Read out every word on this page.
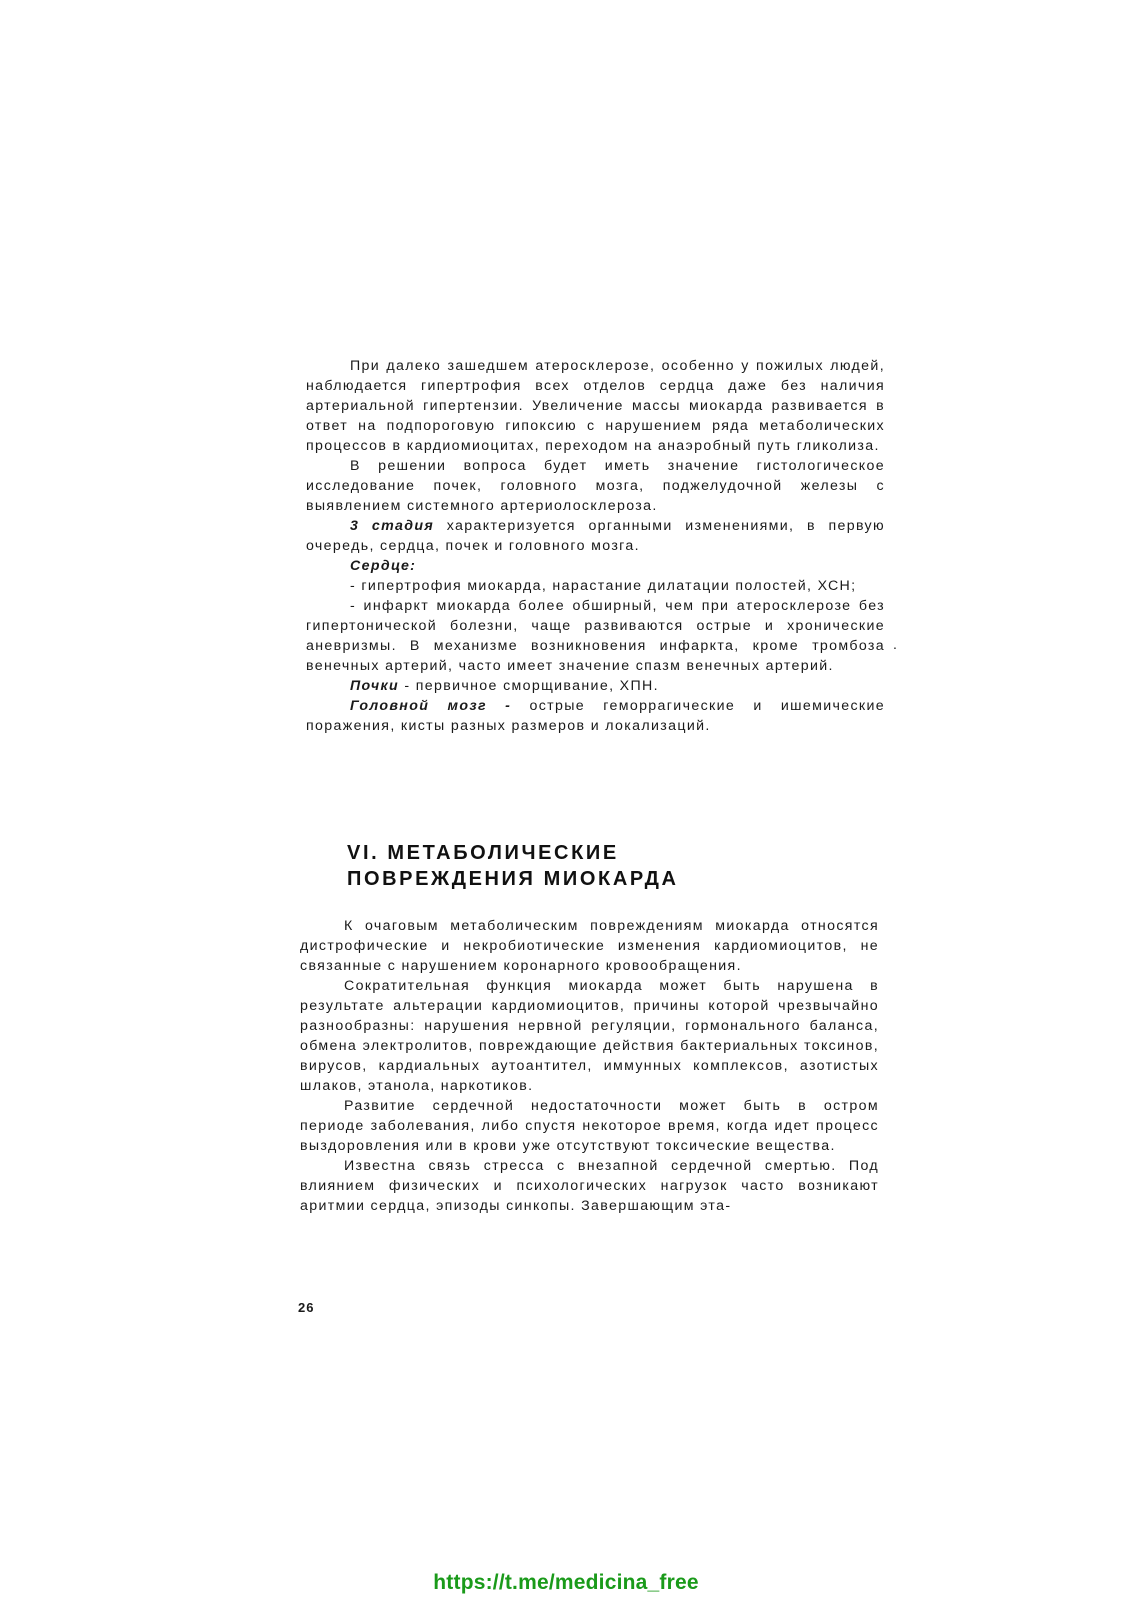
При далеко зашедшем атеросклерозе, особенно у пожилых людей, наблюдается гипертрофия всех отделов сердца даже без наличия артериальной гипертензии. Увеличение массы миокарда развивается в ответ на подпороговую гипоксию с нарушением ряда метаболических процессов в кардиомиоцитах, переходом на анаэробный путь гликолиза.

В решении вопроса будет иметь значение гистологическое исследование почек, головного мозга, поджелудочной железы с выявлением системного артериолосклероза.

3 стадия характеризуется органными изменениями, в первую очередь, сердца, почек и головного мозга.

Сердце:

- гипертрофия миокарда, нарастание дилатации полостей, ХСН;

- инфаркт миокарда более обширный, чем при атеросклерозе без гипертонической болезни, чаще развиваются острые и хронические аневризмы. В механизме возникновения инфаркта, кроме тромбоза венечных артерий, часто имеет значение спазм венечных артерий.

Почки - первичное сморщивание, ХПН.

Головной мозг - острые геморрагические и ишемические поражения, кисты разных размеров и локализаций.

.
VI. МЕТАБОЛИЧЕСКИЕ
ПОВРЕЖДЕНИЯ МИОКАРДА

К очаговым метаболическим повреждениям миокарда относятся дистрофические и некробиотические изменения кардиомиоцитов, не связанные с нарушением коронарного кровообращения.

Сократительная функция миокарда может быть нарушена в результате альтерации кардиомиоцитов, причины которой чрезвычайно разнообразны: нарушения нервной регуляции, гормонального баланса, обмена электролитов, повреждающие действия бактериальных токсинов, вирусов, кардиальных аутоантител, иммунных комплексов, азотистых шлаков, этанола, наркотиков.

Развитие сердечной недостаточности может быть в остром периоде заболевания, либо спустя некоторое время, когда идет процесс выздоровления или в крови уже отсутствуют токсические вещества.

Известна связь стресса с внезапной сердечной смертью. Под влиянием физических и психологических нагрузок часто возникают аритмии сердца, эпизоды синкопы. Завершающим эта-

26
https://t.me/medicina_free
